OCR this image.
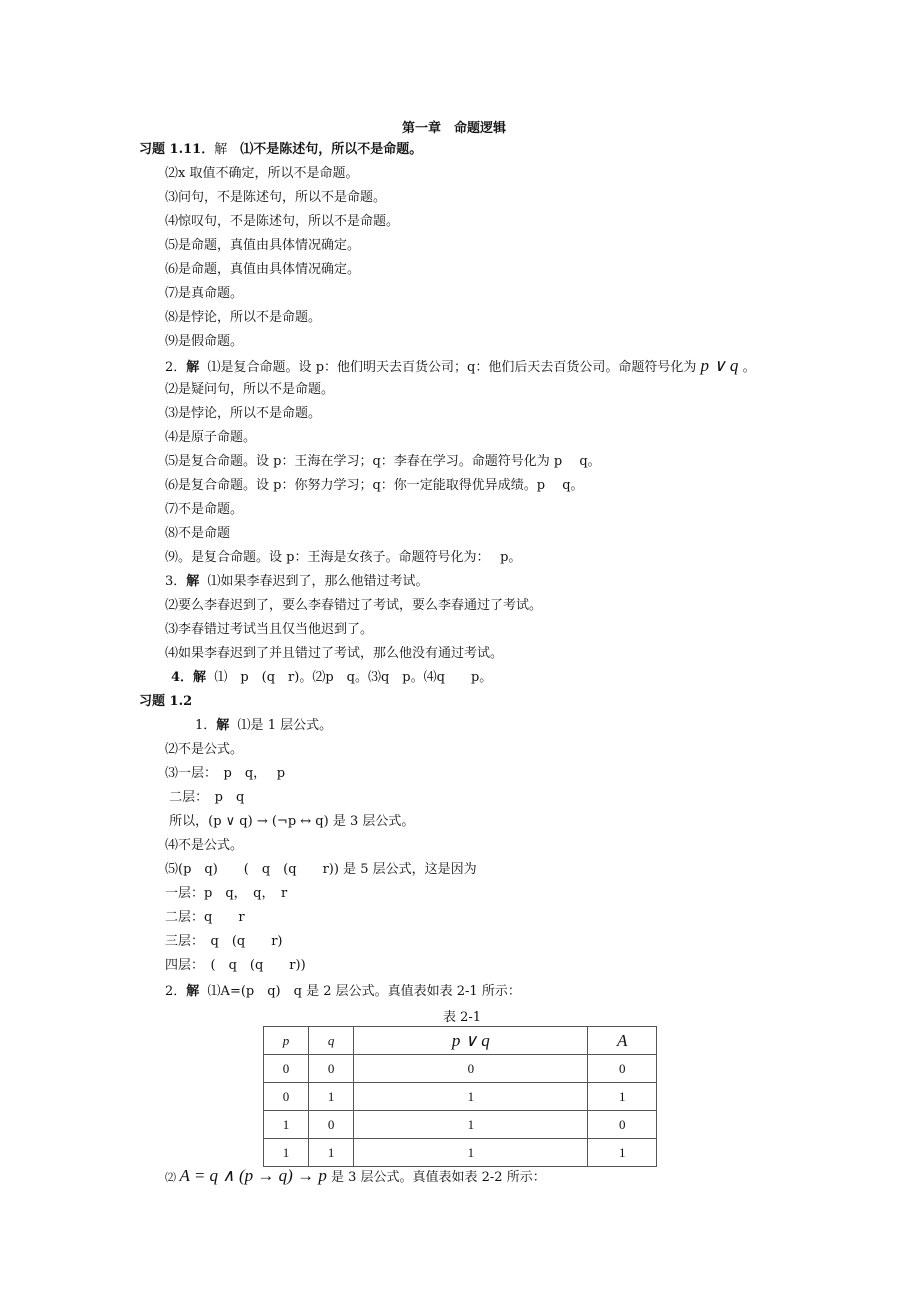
第一章　命题逻辑
习题 1.11．解　 ⑴不是陈述句，所以不是命题。
⑵x 取值不确定，所以不是命题。
⑶问句，不是陈述句，所以不是命题。
⑷惊叹句，不是陈述句，所以不是命题。
⑸是命题，真值由具体情况确定。
⑹是命题，真值由具体情况确定。
⑺是真命题。
⑻是悖论，所以不是命题。
⑼是假命题。
2．解  ⑴是复合命题。设 p：他们明天去百货公司；q：他们后天去百货公司。命题符号化为 p ∨ q 。
⑵是疑问句，所以不是命题。
⑶是悖论，所以不是命题。
⑷是原子命题。
⑸是复合命题。设 p：王海在学习；q：李春在学习。命题符号化为 p　 q。
⑹是复合命题。设 p：你努力学习；q：你一定能取得优异成绩。p　 q。
⑺不是命题。
⑻不是命题
⑼。是复合命题。设 p：王海是女孩子。命题符号化为：　 p。
3．解  ⑴如果李春迟到了，那么他错过考试。
⑵要么李春迟到了，要么李春错过了考试，要么李春通过了考试。
⑶李春错过考试当且仅当他迟到了。
⑷如果李春迟到了并且错过了考试，那么他没有通过考试。
4．解  ⑴　p　(q　r)。⑵p　q。⑶q　p。⑷q　　p。
习题 1.2
1．解  ⑴是 1 层公式。
⑵不是公式。
⑶一层：　p　q，　 p
二层：　p　q
所以，(p ∨ q) → (¬p ↔ q) 是 3 层公式。
⑷不是公式。
⑸(p　q)　　(　q　(q　　r)) 是 5 层公式，这是因为
一层：p　q，　q，　r
二层：q　　r
三层：　q　(q　　r)
四层：　(　q　(q　　r))
2．解  ⑴A=(p　q)　q 是 2 层公式。真值表如表 2-1 所示：
表 2-1
p	q	p ∨ q	A
0	0	0	0
0	1	1	1
1	0	1	0
1	1	1	1
⑵ A = q ∧ (p → q) → p 是 3 层公式。真值表如表 2-2 所示：
